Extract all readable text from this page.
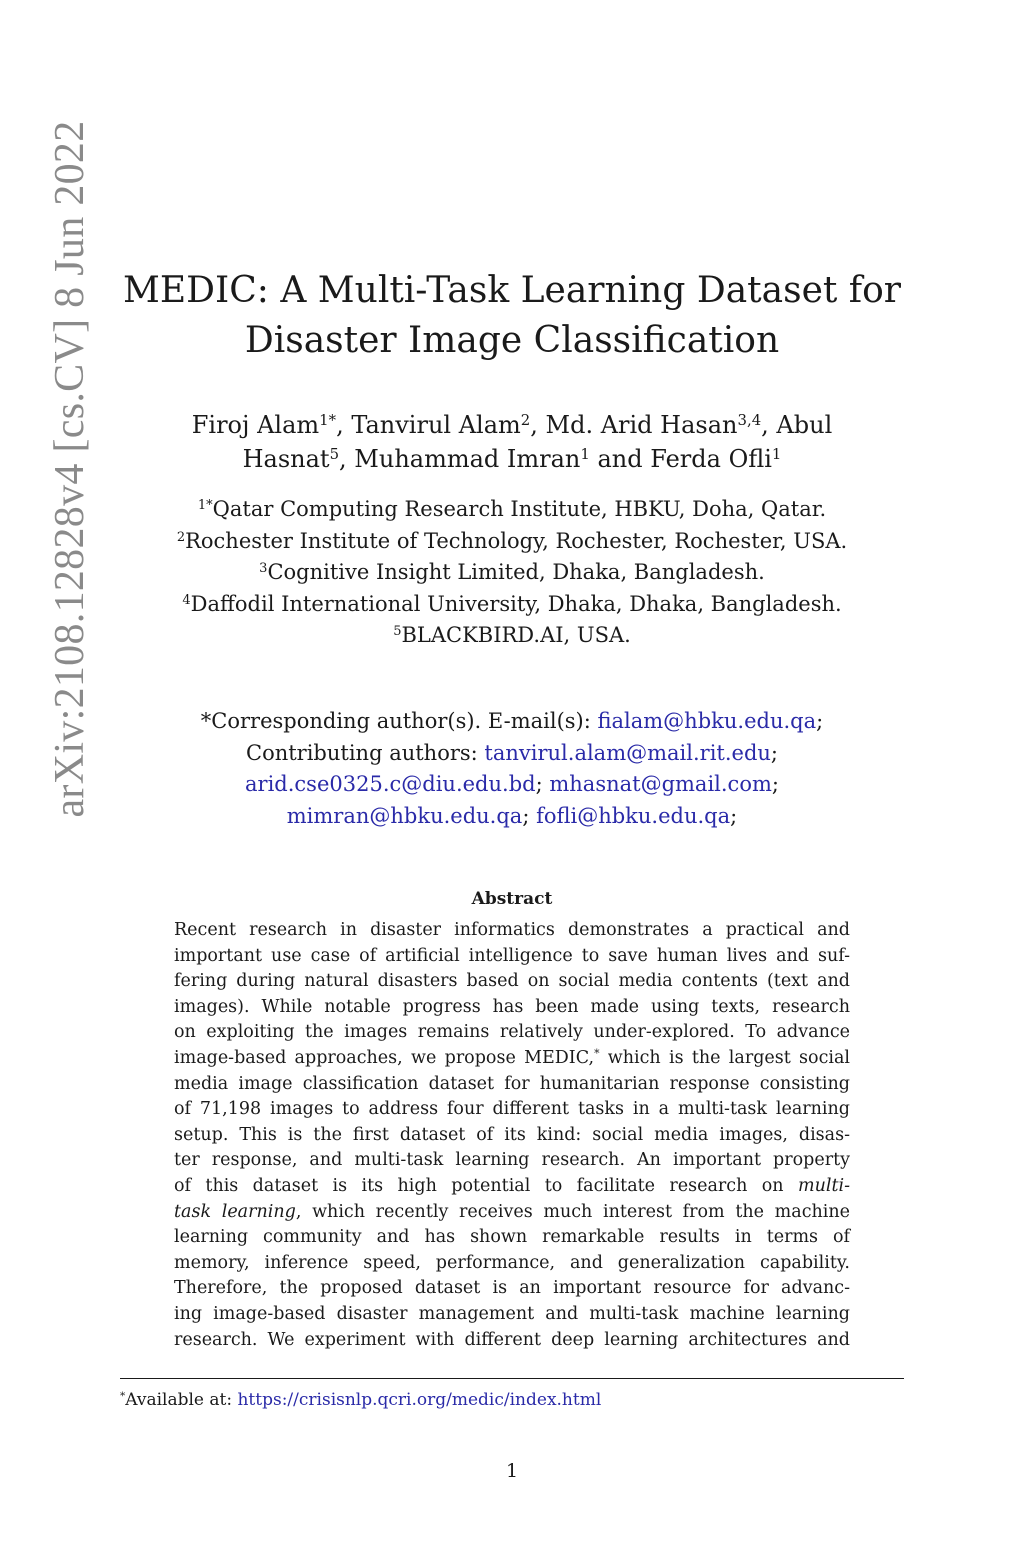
arXiv:2108.12828v4 [cs.CV] 8 Jun 2022 MEDIC: A Multi-Task Learning Dataset for
Disaster Image Classification
Firoj Alam$^{1*}$, Tanvirul Alam$^2$, Md. Arid Hasan$^{3,4}$, Abul
Hasnat$^5$, Muhammad Imran$^1$ and Ferda Ofli$^1$
$^{1*}$Qatar Computing Research Institute, HBKU, Doha, Qatar.
$^2$Rochester Institute of Technology, Rochester, Rochester, USA.
$^3$Cognitive Insight Limited, Dhaka, Bangladesh.
$^4$Daffodil International University, Dhaka, Dhaka, Bangladesh.
$^5$BLACKBIRD.AI, USA.
*Corresponding author(s). E-mail(s): fialam@hbku.edu.qa;
Contributing authors: tanvirul.alam@mail.rit.edu;
arid.cse0325.c@diu.edu.bd; mhasnat@gmail.com;
mimran@hbku.edu.qa; fofli@hbku.edu.qa;
Abstract
Recent research in disaster informatics demonstrates a practical and
important use case of artificial intelligence to save human lives and suf-
fering during natural disasters based on social media contents (text and
images). While notable progress has been made using texts, research
on exploiting the images remains relatively under-explored. To advance
image-based approaches, we propose MEDIC,* which is the largest social
media image classification dataset for humanitarian response consisting
of 71,198 images to address four different tasks in a multi-task learning
setup. This is the first dataset of its kind: social media images, disas-
ter response, and multi-task learning research. An important property
of this dataset is its high potential to facilitate research on multi-
task learning, which recently receives much interest from the machine
learning community and has shown remarkable results in terms of
memory, inference speed, performance, and generalization capability.
Therefore, the proposed dataset is an important resource for advanc-
ing image-based disaster management and multi-task machine learning
research. We experiment with different deep learning architectures and
*Available at: https://crisisnlp.qcri.org/medic/index.html
1
